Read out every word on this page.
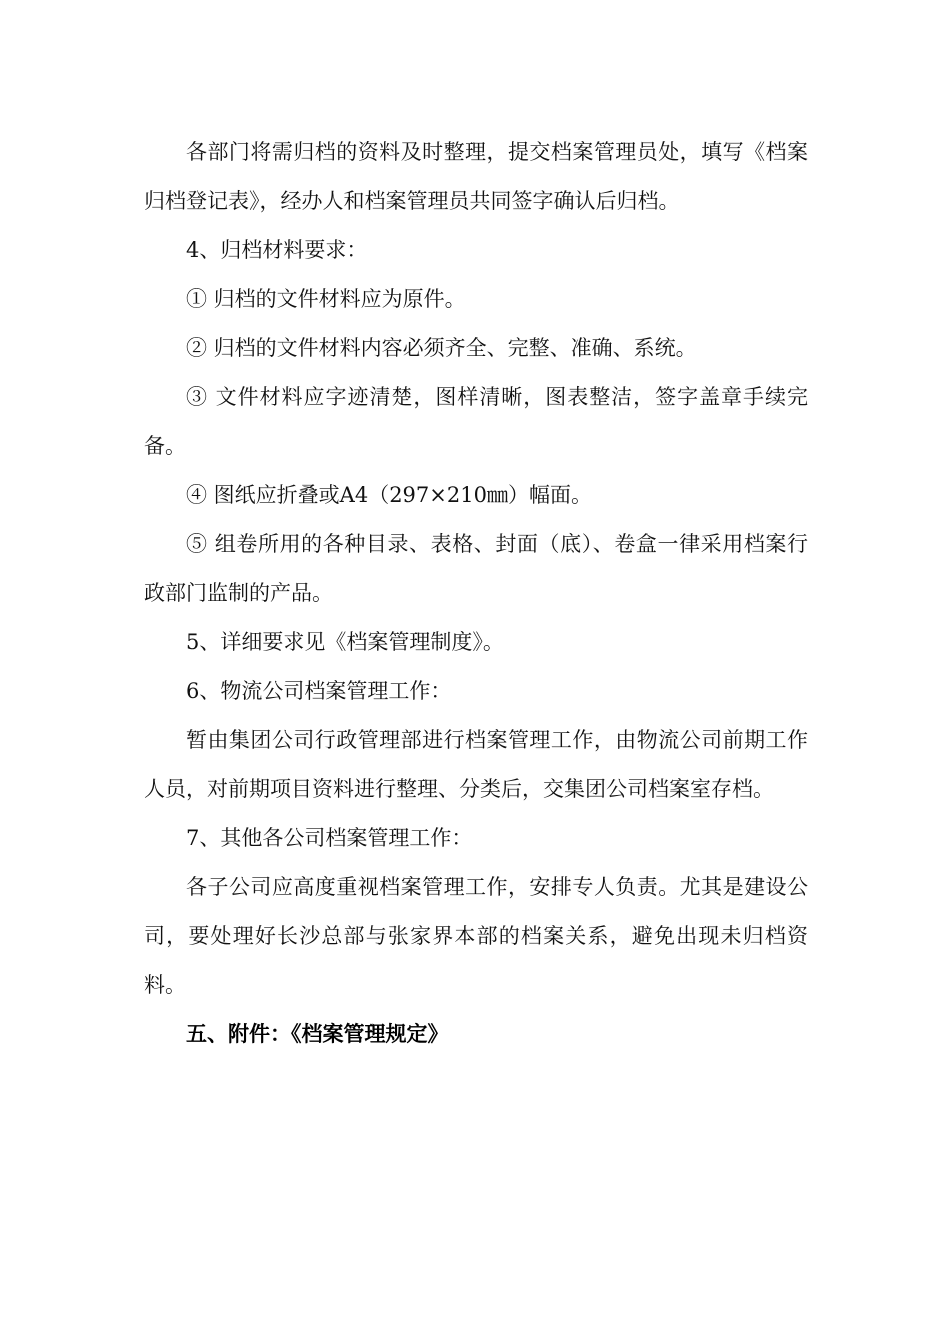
各部门将需归档的资料及时整理，提交档案管理员处，填写《档案归档登记表》，经办人和档案管理员共同签字确认后归档。

4、归档材料要求：

① 归档的文件材料应为原件。

② 归档的文件材料内容必须齐全、完整、准确、系统。

③ 文件材料应字迹清楚，图样清晰，图表整洁，签字盖章手续完备。

④ 图纸应折叠或A4（297×210㎜）幅面。

⑤ 组卷所用的各种目录、表格、封面（底）、卷盒一律采用档案行政部门监制的产品。

5、详细要求见《档案管理制度》。

6、物流公司档案管理工作：

暂由集团公司行政管理部进行档案管理工作，由物流公司前期工作人员，对前期项目资料进行整理、分类后，交集团公司档案室存档。

7、其他各公司档案管理工作：

各子公司应高度重视档案管理工作，安排专人负责。尤其是建设公司，要处理好长沙总部与张家界本部的档案关系，避免出现未归档资料。

五、附件：《档案管理规定》
